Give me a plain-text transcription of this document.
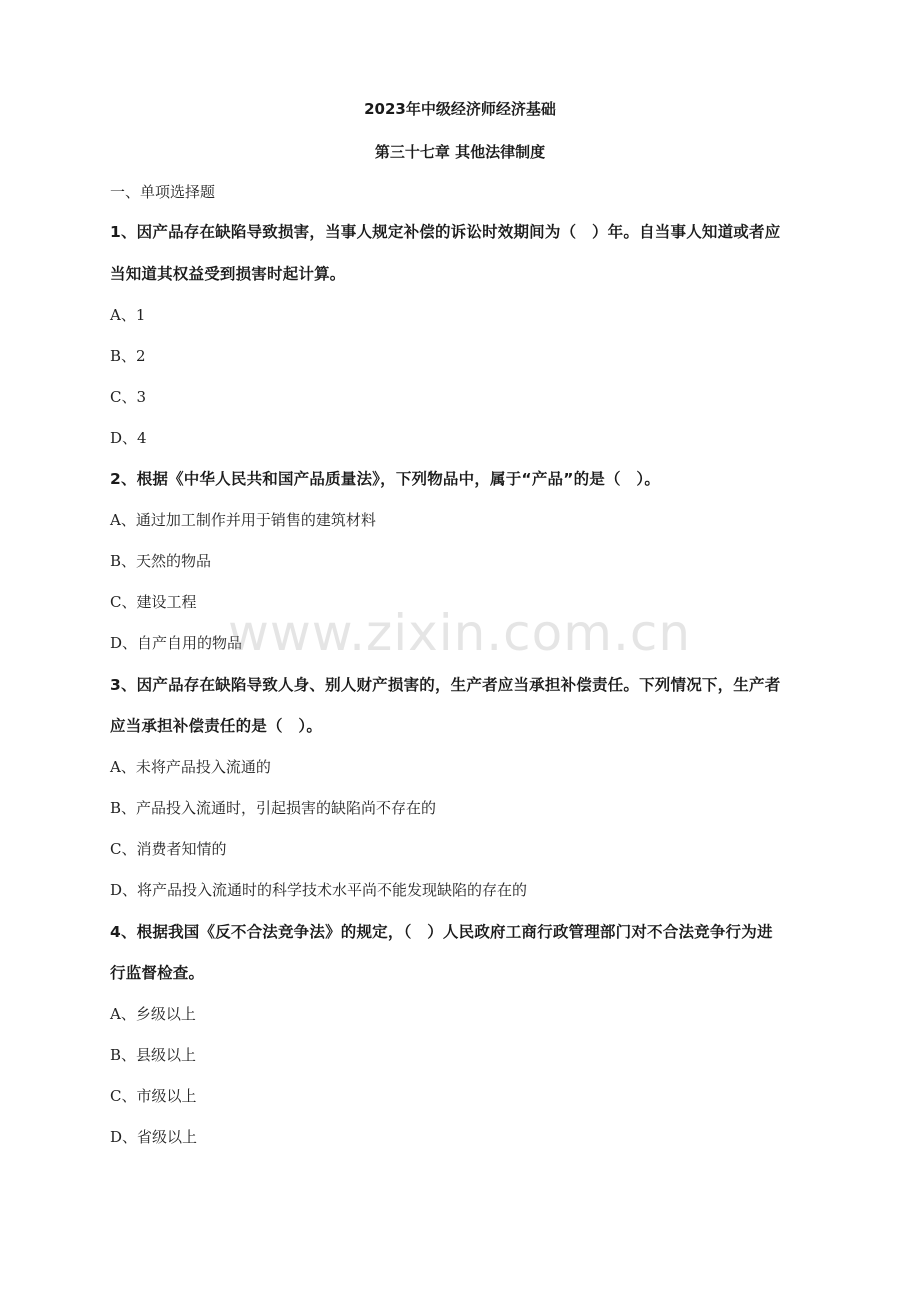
2023年中级经济师经济基础
第三十七章 其他法律制度
一、单项选择题
1、因产品存在缺陷导致损害，当事人规定补偿的诉讼时效期间为（　）年。自当事人知道或者应
当知道其权益受到损害时起计算。
A、1
B、2
C、3
D、4
2、根据《中华人民共和国产品质量法》，下列物品中，属于“产品”的是（　）。
A、通过加工制作并用于销售的建筑材料
B、天然的物品
C、建设工程
D、自产自用的物品
3、因产品存在缺陷导致人身、别人财产损害的，生产者应当承担补偿责任。下列情况下，生产者
应当承担补偿责任的是（　）。
A、未将产品投入流通的
B、产品投入流通时，引起损害的缺陷尚不存在的
C、消费者知情的
D、将产品投入流通时的科学技术水平尚不能发现缺陷的存在的
4、根据我国《反不合法竞争法》的规定，（　）人民政府工商行政管理部门对不合法竞争行为进
行监督检查。
A、乡级以上
B、县级以上
C、市级以上
D、省级以上
www.zixin.com.cn
